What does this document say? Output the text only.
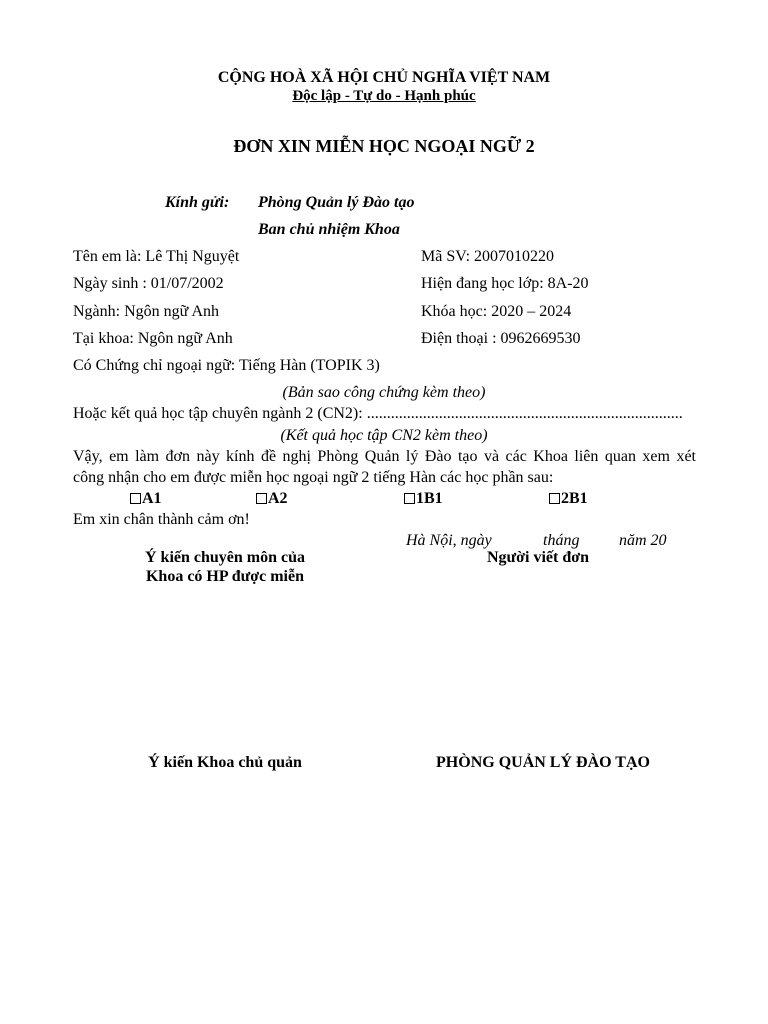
CỘNG HOÀ XÃ HỘI CHỦ NGHĨA VIỆT NAM
Độc lập - Tự do - Hạnh phúc
ĐƠN XIN MIỄN HỌC NGOẠI NGỮ 2
Kính gửi: Phòng Quản lý Đào tạo
Ban chủ nhiệm Khoa
Tên em là: Lê Thị Nguyệt	Mã SV: 2007010220
Ngày sinh : 01/07/2002	Hiện đang học lớp: 8A-20
Ngành: Ngôn ngữ Anh	Khóa học: 2020 – 2024
Tại khoa: Ngôn ngữ Anh	Điện thoại : 0962669530
Có Chứng chỉ ngoại ngữ: Tiếng Hàn (TOPIK 3)
(Bản sao công chứng kèm theo)
Hoặc kết quả học tập chuyên ngành 2 (CN2): ...............................................................................
(Kết quả học tập CN2 kèm theo)
Vậy, em làm đơn này kính đề nghị Phòng Quản lý Đào tạo và các Khoa liên quan xem xét
công nhận cho em được miễn học ngoại ngữ 2 tiếng Hàn các học phần sau:
A1	A2	1B1	2B1
Em xin chân thành cảm ơn!
Hà Nội, ngày	tháng năm 20
Ý kiến chuyên môn của
Khoa có HP được miễn
Người viết đơn
Ý kiến Khoa chủ quản	PHÒNG QUẢN LÝ ĐÀO TẠO
